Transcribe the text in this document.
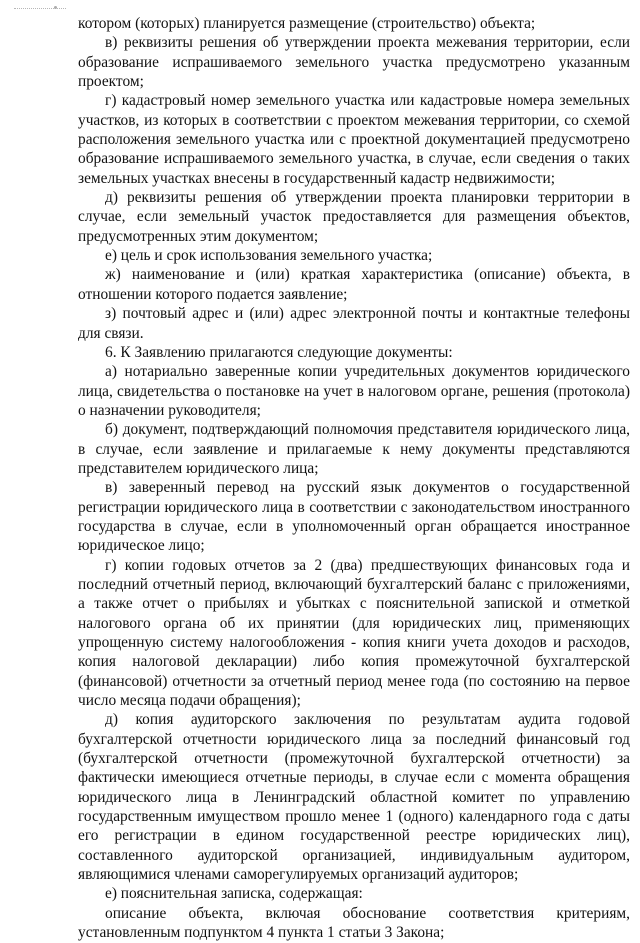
котором (которых) планируется размещение (строительство) объекта;

в) реквизиты решения об утверждении проекта межевания территории, если образование испрашиваемого земельного участка предусмотрено указанным проектом;

г) кадастровый номер земельного участка или кадастровые номера земельных участков, из которых в соответствии с проектом межевания территории, со схемой расположения земельного участка или с проектной документацией предусмотрено образование испрашиваемого земельного участка, в случае, если сведения о таких земельных участках внесены в государственный кадастр недвижимости;

д) реквизиты решения об утверждении проекта планировки территории в случае, если земельный участок предоставляется для размещения объектов, предусмотренных этим документом;

е) цель и срок использования земельного участка;

ж) наименование и (или) краткая характеристика (описание) объекта, в отношении которого подается заявление;

з) почтовый адрес и (или) адрес электронной почты и контактные телефоны для связи.

6. К Заявлению прилагаются следующие документы:

а) нотариально заверенные копии учредительных документов юридического лица, свидетельства о постановке на учет в налоговом органе, решения (протокола) о назначении руководителя;

б) документ, подтверждающий полномочия представителя юридического лица, в случае, если заявление и прилагаемые к нему документы представляются представителем юридического лица;

в) заверенный перевод на русский язык документов о государственной регистрации юридического лица в соответствии с законодательством иностранного государства в случае, если в уполномоченный орган обращается иностранное юридическое лицо;

г) копии годовых отчетов за 2 (два) предшествующих финансовых года и последний отчетный период, включающий бухгалтерский баланс с приложениями, а также отчет о прибылях и убытках с пояснительной запиской и отметкой налогового органа об их принятии (для юридических лиц, применяющих упрощенную систему налогообложения - копия книги учета доходов и расходов, копия налоговой декларации) либо копия промежуточной бухгалтерской (финансовой) отчетности за отчетный период менее года (по состоянию на первое число месяца подачи обращения);

д) копия аудиторского заключения по результатам аудита годовой бухгалтерской отчетности юридического лица за последний финансовый год (бухгалтерской отчетности (промежуточной бухгалтерской отчетности) за фактически имеющиеся отчетные периоды, в случае если с момента обращения юридического лица в Ленинградский областной комитет по управлению государственным имуществом прошло менее 1 (одного) календарного года с даты его регистрации в едином государственной реестре юридических лиц), составленного аудиторской организацией, индивидуальным аудитором, являющимися членами саморегулируемых организаций аудиторов;

е) пояснительная записка, содержащая:

описание объекта, включая обоснование соответствия критериям, установленным подпунктом 4 пункта 1 статьи 3 Закона;
